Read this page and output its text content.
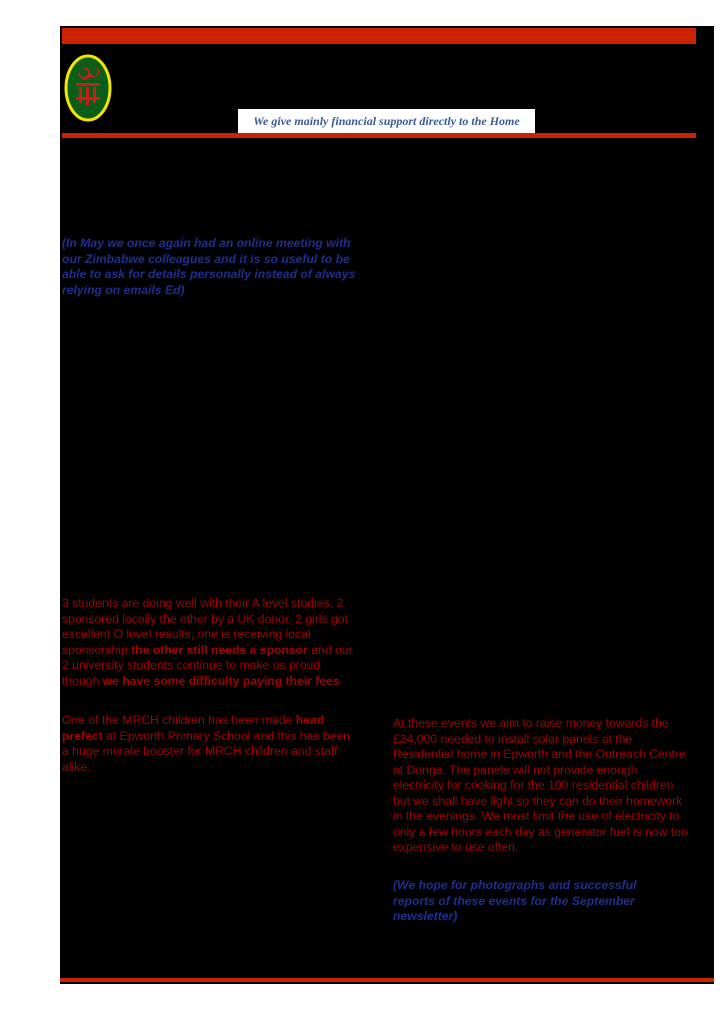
We give mainly financial support directly to the Home

(In May we once again had an online meeting with our Zimbabwe colleagues and it is so useful to be able to ask for details personally instead of always relying on emails Ed)

3 students are doing well with their A level studies, 2 sponsored locally the other by a UK donor. 2 girls got excellent O level results, one is receiving local sponsorship the other still needs a sponsor and our 2 university students continue to make us proud though we have some difficulty paying their fees

One of the MRCH children has been made head prefect at Epworth Primary School and this has been a huge morale booster for MRCH children and staff alike.

At these events we aim to raise money towards the £24,000 needed to install solar panels at the Residential home in Epworth and the Outreach Centre at Donga. The panels will not provide enough electricity for cooking for the 100 residential children but we shall have light so they can do their homework in the evenings. We must limit the use of electricity to only a few hours each day as generator fuel is now too expensive to use often.

(We hope for photographs and successful reports of these events for the September newsletter)
